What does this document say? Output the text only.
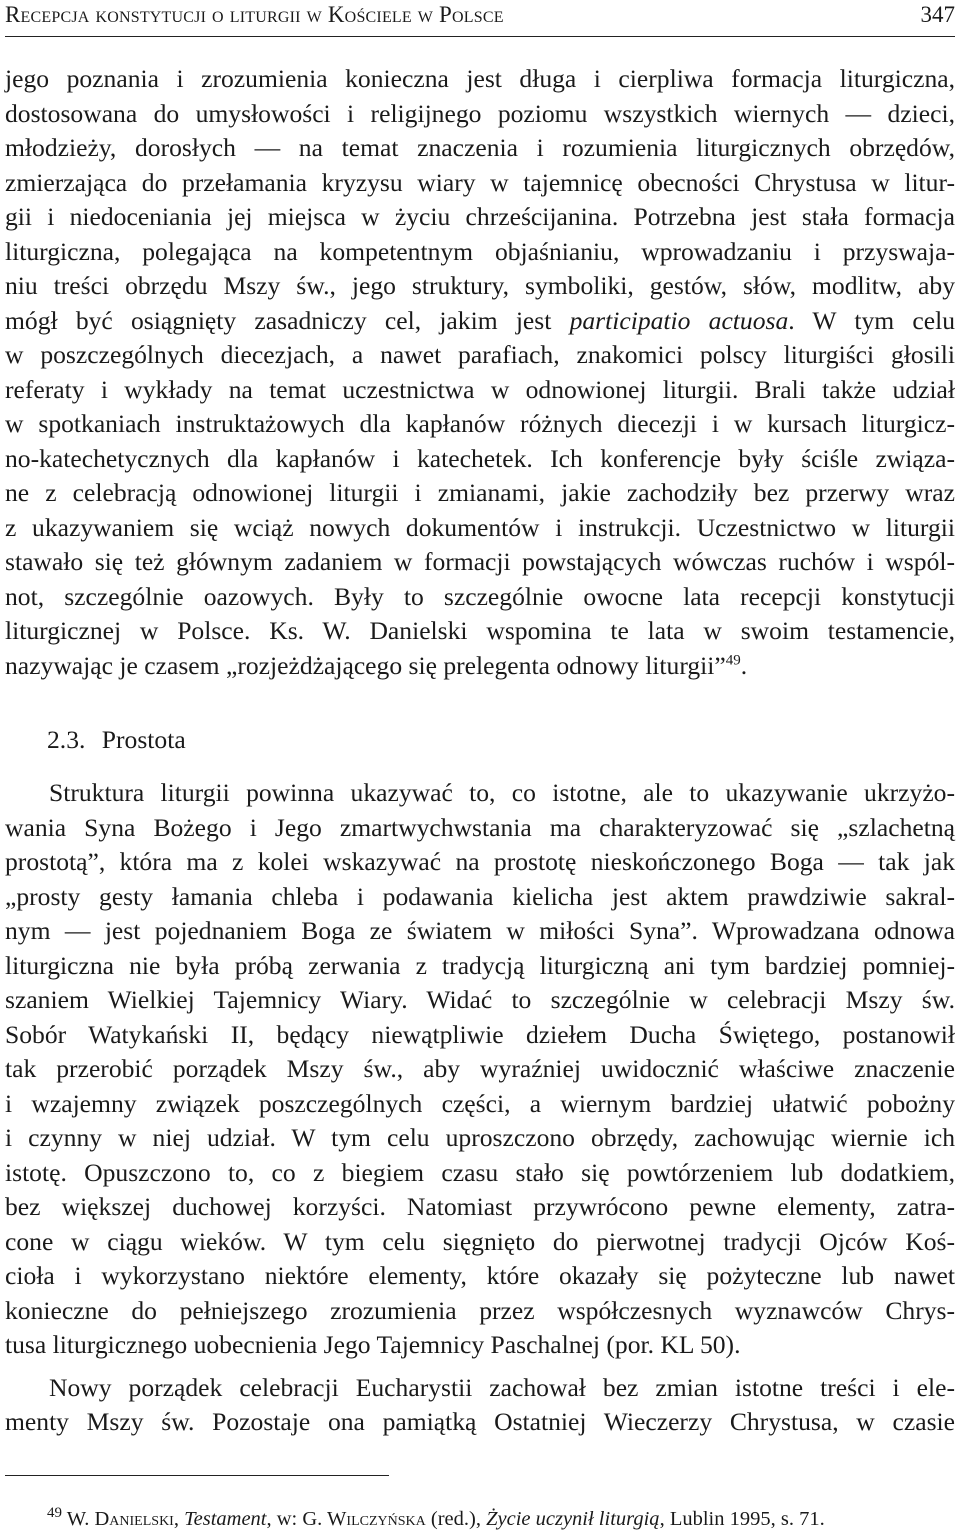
Recepcja konstytucji o liturgii w Kościele w Polsce	347
jego poznania i zrozumienia konieczna jest długa i cierpliwa formacja liturgiczna,
dostosowana do umysłowości i religijnego poziomu wszystkich wiernych — dzieci,
młodzieży, dorosłych — na temat znaczenia i rozumienia liturgicznych obrzędów,
zmierzająca do przełamania kryzysu wiary w tajemnicę obecności Chrystusa w litur-
gii i niedoceniania jej miejsca w życiu chrześcijanina. Potrzebna jest stała formacja
liturgiczna, polegająca na kompetentnym objaśnianiu, wprowadzaniu i przyswaja-
niu treści obrzędu Mszy św., jego struktury, symboliki, gestów, słów, modlitw, aby
mógł być osiągnięty zasadniczy cel, jakim jest participatio actuosa. W tym celu
w poszczególnych diecezjach, a nawet parafiach, znakomici polscy liturgiści głosili
referaty i wykłady na temat uczestnictwa w odnowionej liturgii. Brali także udział
w spotkaniach instruktażowych dla kapłanów różnych diecezji i w kursach liturgicz-
no-katechetycznych dla kapłanów i katechetek. Ich konferencje były ściśle związa-
ne z celebracją odnowionej liturgii i zmianami, jakie zachodziły bez przerwy wraz
z ukazywaniem się wciąż nowych dokumentów i instrukcji. Uczestnictwo w liturgii
stawało się też głównym zadaniem w formacji powstających wówczas ruchów i wspól-
not, szczególnie oazowych. Były to szczególnie owocne lata recepcji konstytucji
liturgicznej w Polsce. Ks. W. Danielski wspomina te lata w swoim testamencie,
nazywając je czasem „rozjeżdżającego się prelegenta odnowy liturgii”$^{49}$.
2.3. Prostota
Struktura liturgii powinna ukazywać to, co istotne, ale to ukazywanie ukrzyżo-
wania Syna Bożego i Jego zmartwychwstania ma charakteryzować się „szlachetną
prostotą”, która ma z kolei wskazywać na prostotę nieskończonego Boga — tak jak
„prosty gesty łamania chleba i podawania kielicha jest aktem prawdziwie sakral-
nym — jest pojednaniem Boga ze światem w miłości Syna”. Wprowadzana odnowa
liturgiczna nie była próbą zerwania z tradycją liturgiczną ani tym bardziej pomniej-
szaniem Wielkiej Tajemnicy Wiary. Widać to szczególnie w celebracji Mszy św.
Sobór Watykański II, będący niewątpliwie dziełem Ducha Świętego, postanowił
tak przerobić porządek Mszy św., aby wyraźniej uwidocznić właściwe znaczenie
i wzajemny związek poszczególnych części, a wiernym bardziej ułatwić pobożny
i czynny w niej udział. W tym celu uproszczono obrzędy, zachowując wiernie ich
istotę. Opuszczono to, co z biegiem czasu stało się powtórzeniem lub dodatkiem,
bez większej duchowej korzyści. Natomiast przywrócono pewne elementy, zatra-
cone w ciągu wieków. W tym celu sięgnięto do pierwotnej tradycji Ojców Koś-
cioła i wykorzystano niektóre elementy, które okazały się pożyteczne lub nawet
konieczne do pełniejszego zrozumienia przez współczesnych wyznawców Chrys-
tusa liturgicznego uobecnienia Jego Tajemnicy Paschalnej (por. KL 50).
Nowy porządek celebracji Eucharystii zachował bez zmian istotne treści i ele-
menty Mszy św. Pozostaje ona pamiątką Ostatniej Wieczerzy Chrystusa, w czasie
$^{49}$ W. Danielski, Testament, w: G. Wilczyńska (red.), Życie uczynił liturgią, Lublin 1995, s. 71.
